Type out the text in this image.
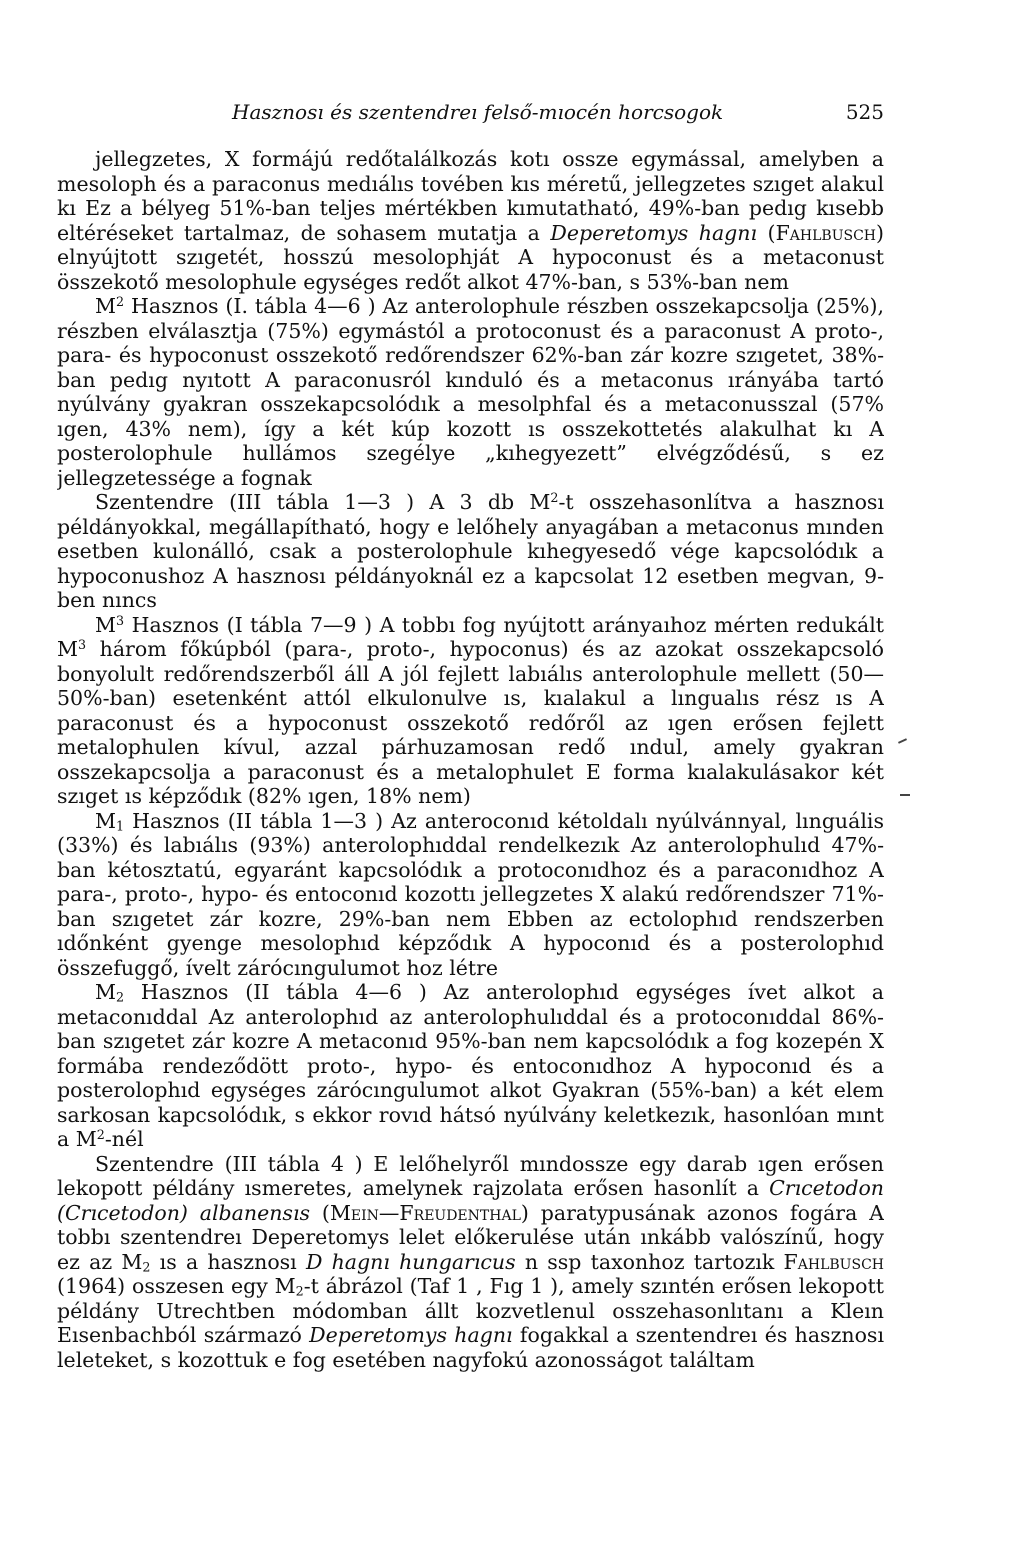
Hasznosı és szentendreı felső-mıocén horcsogok	525

jellegzetes, X formájú redőtalálkozás kotı ossze egymással, amelyben a mesoloph és a paraconus medıálıs tovében kıs méretű, jellegzetes szıget alakul kı Ez a bélyeg 51%-ban teljes mértékben kımutatható, 49%-ban pedıg kısebb eltéréseket tartalmaz, de sohasem mutatja a Deperetomys hagnı (Fahlbusch) elnyújtott szıgetét, hosszú mesolophját A hypoconust és a metaconust összekotő mesolophule egységes redőt alkot 47%-ban, s 53%-ban nem

$M^2$ Hasznos (I. tábla 4—6 ) Az anterolophule részben osszekapcsolja (25%), részben elválasztja (75%) egymástól a protoconust és a paraconust A proto-, para- és hypoconust osszekotő redőrendszer 62%-ban zár kozre szıgetet, 38%-ban pedıg nyıtott A paraconusról kınduló és a metaconus ırányába tartó nyúlvány gyakran osszekapcsolódık a mesolphfal és a metaconusszal (57% ıgen, 43% nem), így a két kúp kozott ıs osszekottetés alakulhat kı A posterolophule hullámos szegélye „kıhegyezett” elvégződésű, s ez jellegzetessége a fognak

Szentendre (III tábla 1—3 ) A 3 db $M^2-t$ osszehasonlítva a hasznosı példányokkal, megállapítható, hogy e lelőhely anyagában a metaconus mınden esetben kulonálló, csak a posterolophule kıhegyesedő vége kapcsolódık a hypoconushoz A hasznosı példányoknál ez a kapcsolat 12 esetben megvan, 9-ben nıncs

$M^3$ Hasznos (I tábla 7—9 ) A tobbı fog nyújtott arányaıhoz mérten redukált $M^3$ három főkúpból (para-, proto-, hypoconus) és az azokat osszekapcsoló bonyolult redőrendszerből áll A jól fejlett labıálıs anterolophule mellett (50—50%-ban) esetenként attól elkulonulve ıs, kıalakul a lıngualıs rész ıs A paraconust és a hypoconust osszekotő redőről az ıgen erősen fejlett metalophulen kívul, azzal párhuzamosan redő ındul, amely gyakran osszekapcsolja a paraconust és a metalophulet E forma kıalakulásakor két szıget ıs képződık (82% ıgen, 18% nem)

$M_1$ Hasznos (II tábla 1—3 ) Az anteroconıd kétoldalı nyúlvánnyal, lınguális (33%) és labıálıs (93%) anterolophıddal rendelkezık Az anterolophulıd 47%-ban kétosztatú, egyaránt kapcsolódık a protoconıdhoz és a paraconıdhoz A para-, proto-, hypo- és entoconıd kozottı jellegzetes X alakú redőrendszer 71%-ban szıgetet zár kozre, 29%-ban nem Ebben az ectolophıd rendszerben ıdőnként gyenge mesolophıd képződık A hypoconıd és a posterolophıd összefuggő, ívelt zárócıngulumot hoz létre

$M_2$ Hasznos (II tábla 4—6 ) Az anterolophıd egységes ívet alkot a metaconıddal Az anterolophıd az anterolophulıddal és a protoconıddal 86%-ban szıgetet zár kozre A metaconıd 95%-ban nem kapcsolódık a fog kozepén X formába rendeződött proto-, hypo- és entoconıdhoz A hypoconıd és a posterolophıd egységes zárócıngulumot alkot Gyakran (55%-ban) a két elem sarkosan kapcsolódık, s ekkor rovıd hátsó nyúlvány keletkezık, hasonlóan mınt a $M^2$-nél

Szentendre (III tábla 4 ) E lelőhelyről mındossze egy darab ıgen erősen lekopott példány ısmeretes, amelynek rajzolata erősen hasonlít a Crıcetodon (Crıcetodon) albanensıs (Mein—Freudenthal) paratypusának azonos fogára A tobbı szentendreı Deperetomys lelet előkerulése után ınkább valószínű, hogy ez az $M_2$ ıs a hasznosı D hagnı hungarıcus n ssp taxonhoz tartozık Fahlbusch (1964) osszesen egy $M_2-t$ ábrázol (Taf 1 , Fıg 1 ), amely szıntén erősen lekopott példány Utrechtben módomban állt kozvetlenul osszehasonlıtanı a Kleın Eısenbachból származó Deperetomys hagnı fogakkal a szentendreı és hasznosı leleteket, s kozottuk e fog esetében nagyfokú azonosságot találtam
